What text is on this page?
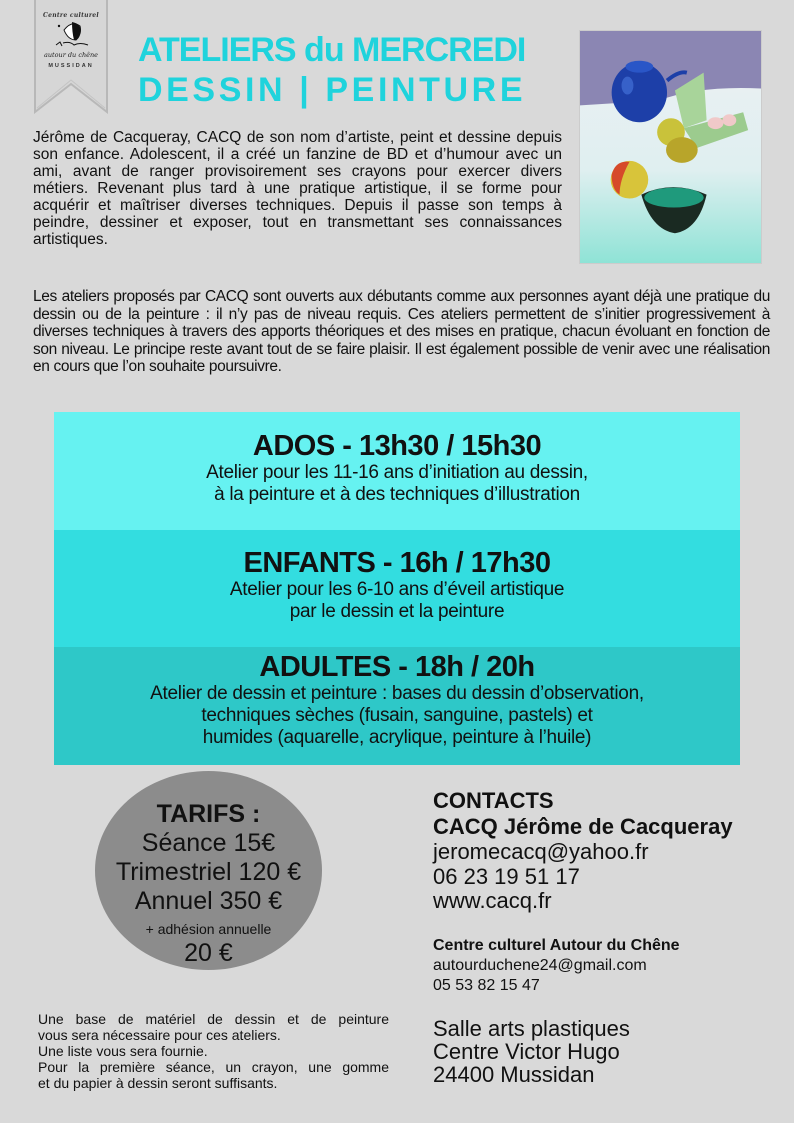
Centre culturel
autour du chêne
MUSSIDAN	ATELIERS du MERCREDI
DESSIN | PEINTURE
Jérôme de Cacqueray, CACQ de son nom d’artiste, peint et dessine depuis son enfance. Adolescent, il a créé un fanzine de BD et d’humour avec un ami, avant de ranger provisoirement ses crayons pour exercer divers métiers. Revenant plus tard à une pratique artistique, il se forme pour acquérir et maîtriser diverses techniques. Depuis il passe son temps à peindre, dessiner et exposer, tout en transmettant ses connaissances artistiques.
Les ateliers proposés par CACQ sont ouverts aux débutants comme aux personnes ayant déjà une pratique du dessin ou de la peinture : il n’y pas de niveau requis. Ces ateliers permettent de s’initier progressivement à diverses techniques à travers des apports théoriques et des mises en pratique, chacun évoluant en fonction de son niveau. Le principe reste avant tout de se faire plaisir. Il est également possible de venir avec une réalisation en cours que l’on souhaite poursuivre.
ADOS - 13h30 / 15h30
Atelier pour les 11-16 ans d’initiation au dessin,
à la peinture et à des techniques d’illustration
ENFANTS - 16h / 17h30
Atelier pour les 6-10 ans d’éveil artistique
par le dessin et la peinture
ADULTES - 18h / 20h
Atelier de dessin et peinture : bases du dessin d’observation,
techniques sèches (fusain, sanguine, pastels) et
humides (aquarelle, acrylique, peinture à l’huile)
TARIFS :
Séance 15€
Trimestriel 120 €
Annuel 350 €
+ adhésion annuelle
20 €
Une base de matériel de dessin et de peinture
vous sera nécessaire pour ces ateliers.
Une liste vous sera fournie.
Pour la première séance, un crayon, une gomme
et du papier à dessin seront suffisants.
CONTACTS
CACQ Jérôme de Cacqueray
jeromecacq@yahoo.fr
06 23 19 51 17
www.cacq.fr
Centre culturel Autour du Chêne
autourduchene24@gmail.com
05 53 82 15 47
Salle arts plastiques
Centre Victor Hugo
24400 Mussidan
